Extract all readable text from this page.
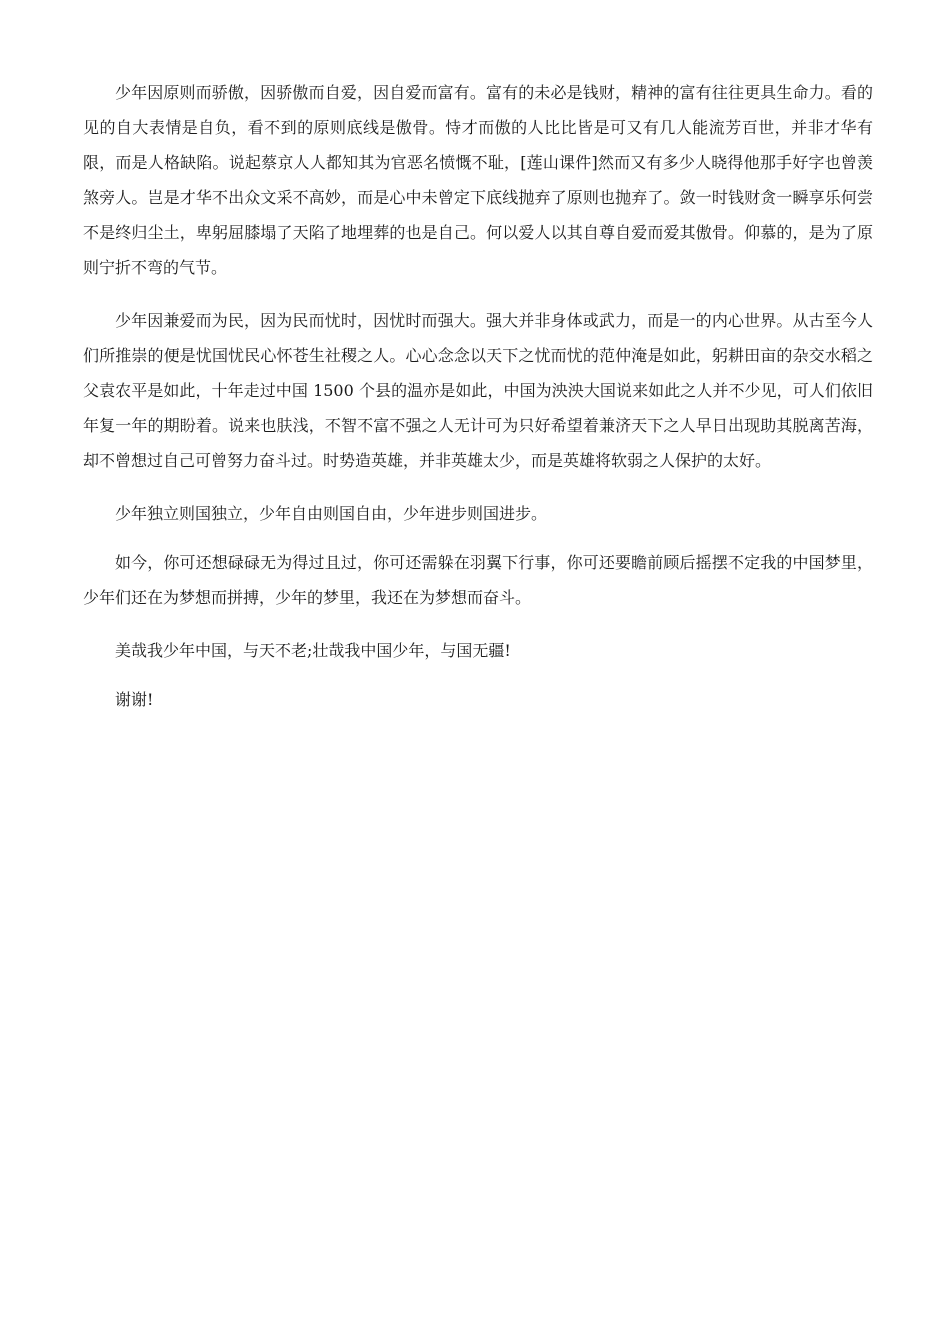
少年因原则而骄傲，因骄傲而自爱，因自爱而富有。富有的未必是钱财，精神的富有往往更具生命力。看的见的自大表情是自负，看不到的原则底线是傲骨。恃才而傲的人比比皆是可又有几人能流芳百世，并非才华有限，而是人格缺陷。说起蔡京人人都知其为官恶名愤慨不耻，[莲山课件]然而又有多少人晓得他那手好字也曾羡煞旁人。岂是才华不出众文采不高妙，而是心中未曾定下底线抛弃了原则也抛弃了。敛一时钱财贪一瞬享乐何尝不是终归尘土，卑躬屈膝塌了天陷了地埋葬的也是自己。何以爱人以其自尊自爱而爱其傲骨。仰慕的，是为了原则宁折不弯的气节。

少年因兼爱而为民，因为民而忧时，因忧时而强大。强大并非身体或武力，而是一的内心世界。从古至今人们所推崇的便是忧国忧民心怀苍生社稷之人。心心念念以天下之忧而忧的范仲淹是如此，躬耕田亩的杂交水稻之父袁农平是如此，十年走过中国 1500 个县的温亦是如此，中国为泱泱大国说来如此之人并不少见，可人们依旧年复一年的期盼着。说来也肤浅，不智不富不强之人无计可为只好希望着兼济天下之人早日出现助其脱离苦海，却不曾想过自己可曾努力奋斗过。时势造英雄，并非英雄太少，而是英雄将软弱之人保护的太好。

少年独立则国独立，少年自由则国自由，少年进步则国进步。

如今，你可还想碌碌无为得过且过，你可还需躲在羽翼下行事，你可还要瞻前顾后摇摆不定我的中国梦里，少年们还在为梦想而拼搏，少年的梦里，我还在为梦想而奋斗。

美哉我少年中国，与天不老;壮哉我中国少年，与国无疆!

谢谢!
